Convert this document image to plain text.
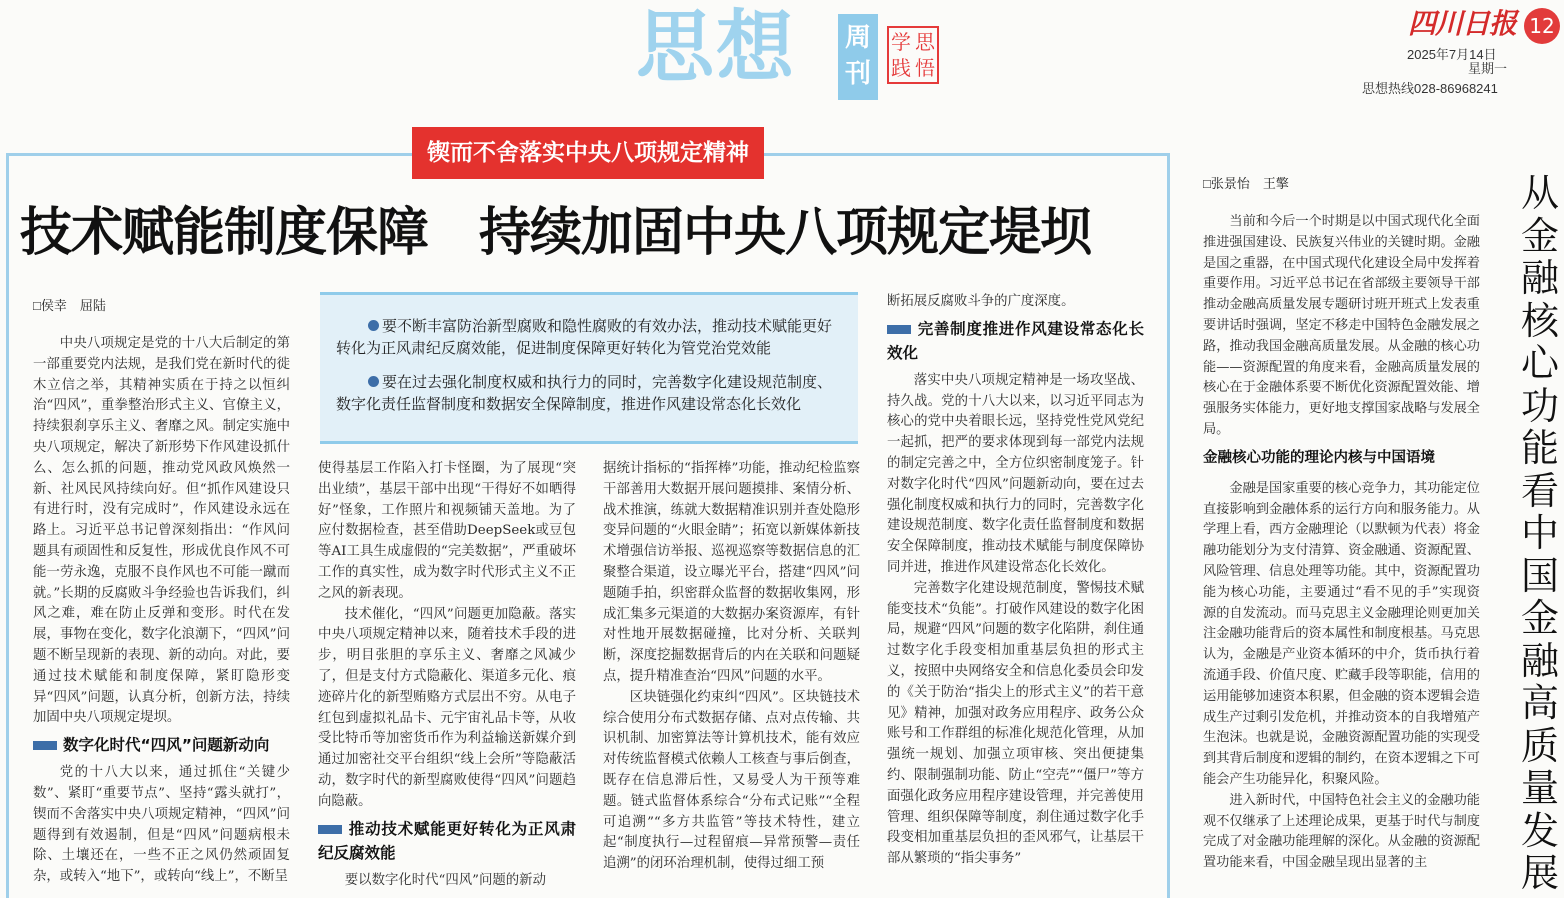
思想 周刊
学 思
践 悟
四川日报 12
2025年7月14日
星期一
思想热线028-86968241
锲而不舍落实中央八项规定精神
技术赋能制度保障　持续加固中央八项规定堤坝
□侯幸　屈陆

中央八项规定是党的十八大后制定的第一部重要党内法规，是我们党在新时代的徙木立信之举，其精神实质在于持之以恒纠治“四风”，重拳整治形式主义、官僚主义，持续狠刹享乐主义、奢靡之风。制定实施中央八项规定，解决了新形势下作风建设抓什么、怎么抓的问题，推动党风政风焕然一新、社风民风持续向好。但“抓作风建设只有进行时，没有完成时”，作风建设永远在路上。习近平总书记曾深刻指出：“作风问题具有顽固性和反复性，形成优良作风不可能一劳永逸，克服不良作风也不可能一蹴而就。”长期的反腐败斗争经验也告诉我们，纠风之难，难在防止反弹和变形。时代在发展，事物在变化，数字化浪潮下，“四风”问题不断呈现新的表现、新的动向。对此，要通过技术赋能和制度保障，紧盯隐形变异“四风”问题，认真分析，创新方法，持续加固中央八项规定堤坝。

数字化时代“四风”问题新动向

党的十八大以来，通过抓住“关键少数”、紧盯“重要节点”、坚持“露头就打”，锲而不舍落实中央八项规定精神，“四风”问题得到有效遏制，但是“四风”问题病根未除、土壤还在，一些不正之风仍然顽固复杂，或转入“地下”，或转向“线上”，不断呈

要不断丰富防治新型腐败和隐性腐败的有效办法，推动技术赋能更好转化为正风肃纪反腐效能，促进制度保障更好转化为管党治党效能

要在过去强化制度权威和执行力的同时，完善数字化建设规范制度、数字化责任监督制度和数据安全保障制度，推进作风建设常态化长效化

使得基层工作陷入打卡怪圈，为了展现“突出业绩”，基层干部中出现“干得好不如晒得好”怪象，工作照片和视频铺天盖地。为了应付数据检查，甚至借助DeepSeek或豆包等AI工具生成虚假的“完美数据”，严重破坏工作的真实性，成为数字时代形式主义不正之风的新表现。

技术催化，“四风”问题更加隐蔽。落实中央八项规定精神以来，随着技术手段的进步，明目张胆的享乐主义、奢靡之风减少了，但是支付方式隐蔽化、渠道多元化、痕迹碎片化的新型贿赂方式层出不穷。从电子红包到虚拟礼品卡、元宇宙礼品卡等，从收受比特币等加密货币作为利益输送新媒介到通过加密社交平台组织“线上会所”等隐蔽活动，数字时代的新型腐败使得“四风”问题趋向隐蔽。

推动技术赋能更好转化为正风肃纪反腐效能

要以数字化时代“四风”问题的新动

据统计指标的“指挥棒”功能，推动纪检监察干部善用大数据开展问题摸排、案情分析、战术推演，练就大数据精准识别并查处隐形变异问题的“火眼金睛”；拓宽以新媒体新技术增强信访举报、巡视巡察等数据信息的汇聚整合渠道，设立曝光平台，搭建“四风”问题随手拍，织密群众监督的数据收集网，形成汇集多元渠道的大数据办案资源库，有针对性地开展数据碰撞，比对分析、关联判断，深度挖掘数据背后的内在关联和问题疑点，提升精准查治“四风”问题的水平。

区块链强化约束纠“四风”。区块链技术综合使用分布式数据存储、点对点传输、共识机制、加密算法等计算机技术，能有效应对传统监督模式依赖人工核查与事后倒查，既存在信息滞后性，又易受人为干预等难题。链式监督体系综合“分布式记账”“全程可追溯”“多方共监管”等技术特性，建立起“制度执行—过程留痕—异常预警—责任追溯”的闭环治理机制，使得过细工预

断拓展反腐败斗争的广度深度。

完善制度推进作风建设常态化长效化

落实中央八项规定精神是一场攻坚战、持久战。党的十八大以来，以习近平同志为核心的党中央着眼长远，坚持党性党风党纪一起抓，把严的要求体现到每一部党内法规的制定完善之中，全方位织密制度笼子。针对数字化时代“四风”问题新动向，要在过去强化制度权威和执行力的同时，完善数字化建设规范制度、数字化责任监督制度和数据安全保障制度，推动技术赋能与制度保障协同并进，推进作风建设常态化长效化。

完善数字化建设规范制度，警惕技术赋能变技术“负能”。打破作风建设的数字化困局，规避“四风”问题的数字化陷阱，刹住通过数字化手段变相加重基层负担的形式主义，按照中央网络安全和信息化委员会印发的《关于防治“指尖上的形式主义”的若干意见》精神，加强对政务应用程序、政务公众账号和工作群组的标准化规范化管理，从加强统一规划、加强立项审核、突出便捷集约、限制强制功能、防止“空壳”“僵尸”等方面强化政务应用程序建设管理，并完善使用管理、组织保障等制度，刹住通过数字化手段变相加重基层负担的歪风邪气，让基层干部从繁琐的“指尖事务”

从
金
融
核
心
功
能
看
中
国
金
融
高
质
量
发
展
□张景怡　王擎

当前和今后一个时期是以中国式现代化全面推进强国建设、民族复兴伟业的关键时期。金融是国之重器，在中国式现代化建设全局中发挥着重要作用。习近平总书记在省部级主要领导干部推动金融高质量发展专题研讨班开班式上发表重要讲话时强调，坚定不移走中国特色金融发展之路，推动我国金融高质量发展。从金融的核心功能——资源配置的角度来看，金融高质量发展的核心在于金融体系要不断优化资源配置效能、增强服务实体能力，更好地支撑国家战略与发展全局。

金融核心功能的理论内核与中国语境

金融是国家重要的核心竞争力，其功能定位直接影响到金融体系的运行方向和服务能力。从学理上看，西方金融理论（以默顿为代表）将金融功能划分为支付清算、资金融通、资源配置、风险管理、信息处理等功能。其中，资源配置功能为核心功能，主要通过“看不见的手”实现资源的自发流动。而马克思主义金融理论则更加关注金融功能背后的资本属性和制度根基。马克思认为，金融是产业资本循环的中介，货币执行着流通手段、价值尺度、贮藏手段等职能，信用的运用能够加速资本积累，但金融的资本逻辑会造成生产过剩引发危机，并推动资本的自我增殖产生泡沫。也就是说，金融资源配置功能的实现受到其背后制度和逻辑的制约，在资本逻辑之下可能会产生功能异化，积聚风险。

进入新时代，中国特色社会主义的金融功能观不仅继承了上述理论成果，更基于时代与制度完成了对金融功能理解的深化。从金融的资源配置功能来看，中国金融呈现出显著的主
